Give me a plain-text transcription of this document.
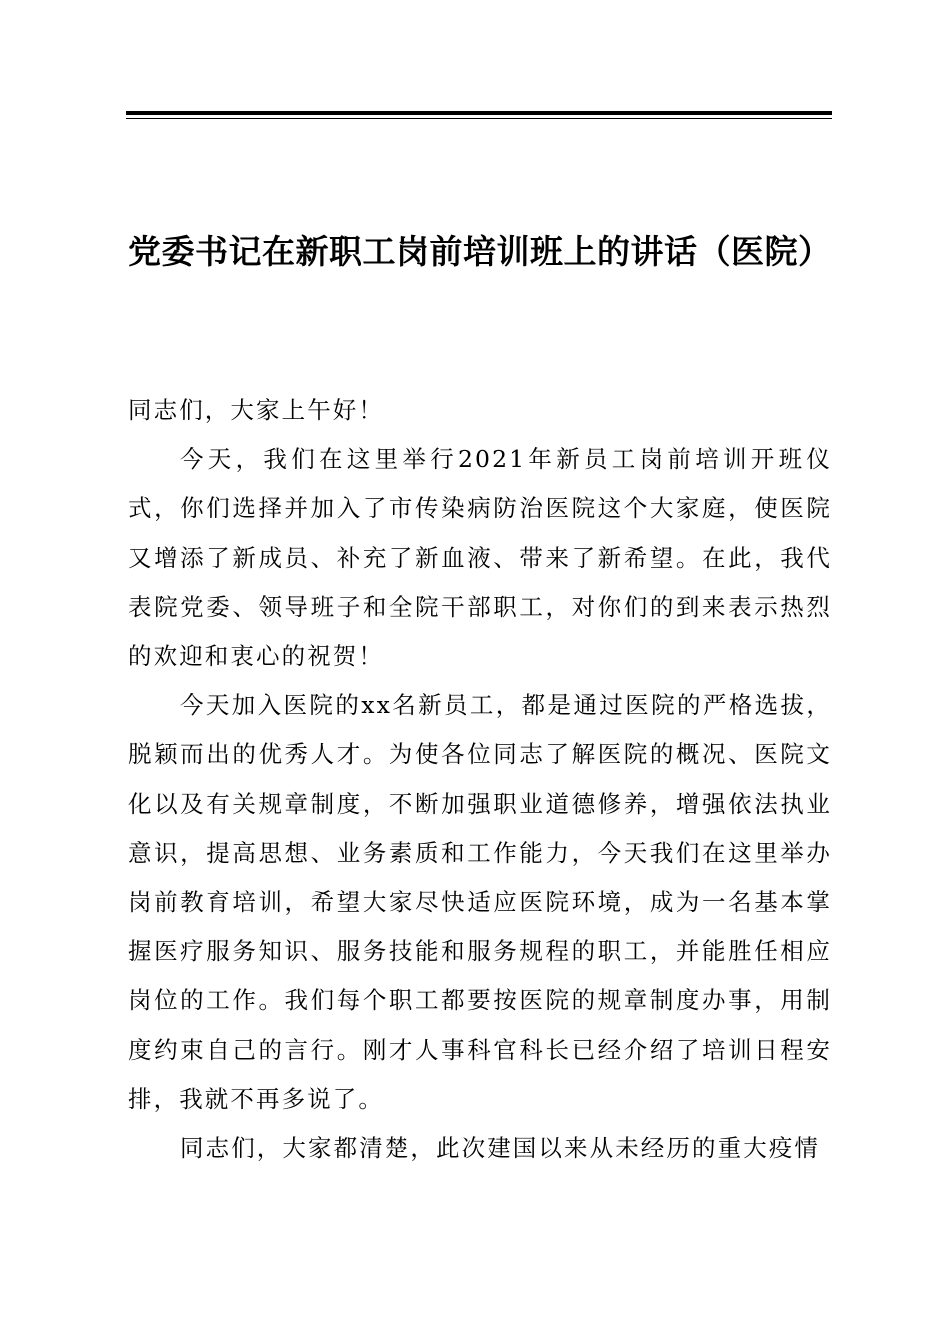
党委书记在新职工岗前培训班上的讲话（医院）

同志们，大家上午好！

今天，我们在这里举行2021年新员工岗前培训开班仪式，你们选择并加入了市传染病防治医院这个大家庭，使医院又增添了新成员、补充了新血液、带来了新希望。在此，我代表院党委、领导班子和全院干部职工，对你们的到来表示热烈的欢迎和衷心的祝贺！

今天加入医院的xx名新员工，都是通过医院的严格选拔，脱颖而出的优秀人才。为使各位同志了解医院的概况、医院文化以及有关规章制度，不断加强职业道德修养，增强依法执业意识，提高思想、业务素质和工作能力，今天我们在这里举办岗前教育培训，希望大家尽快适应医院环境，成为一名基本掌握医疗服务知识、服务技能和服务规程的职工，并能胜任相应岗位的工作。我们每个职工都要按医院的规章制度办事，用制度约束自己的言行。刚才人事科官科长已经介绍了培训日程安排，我就不再多说了。

同志们，大家都清楚，此次建国以来从未经历的重大疫情
